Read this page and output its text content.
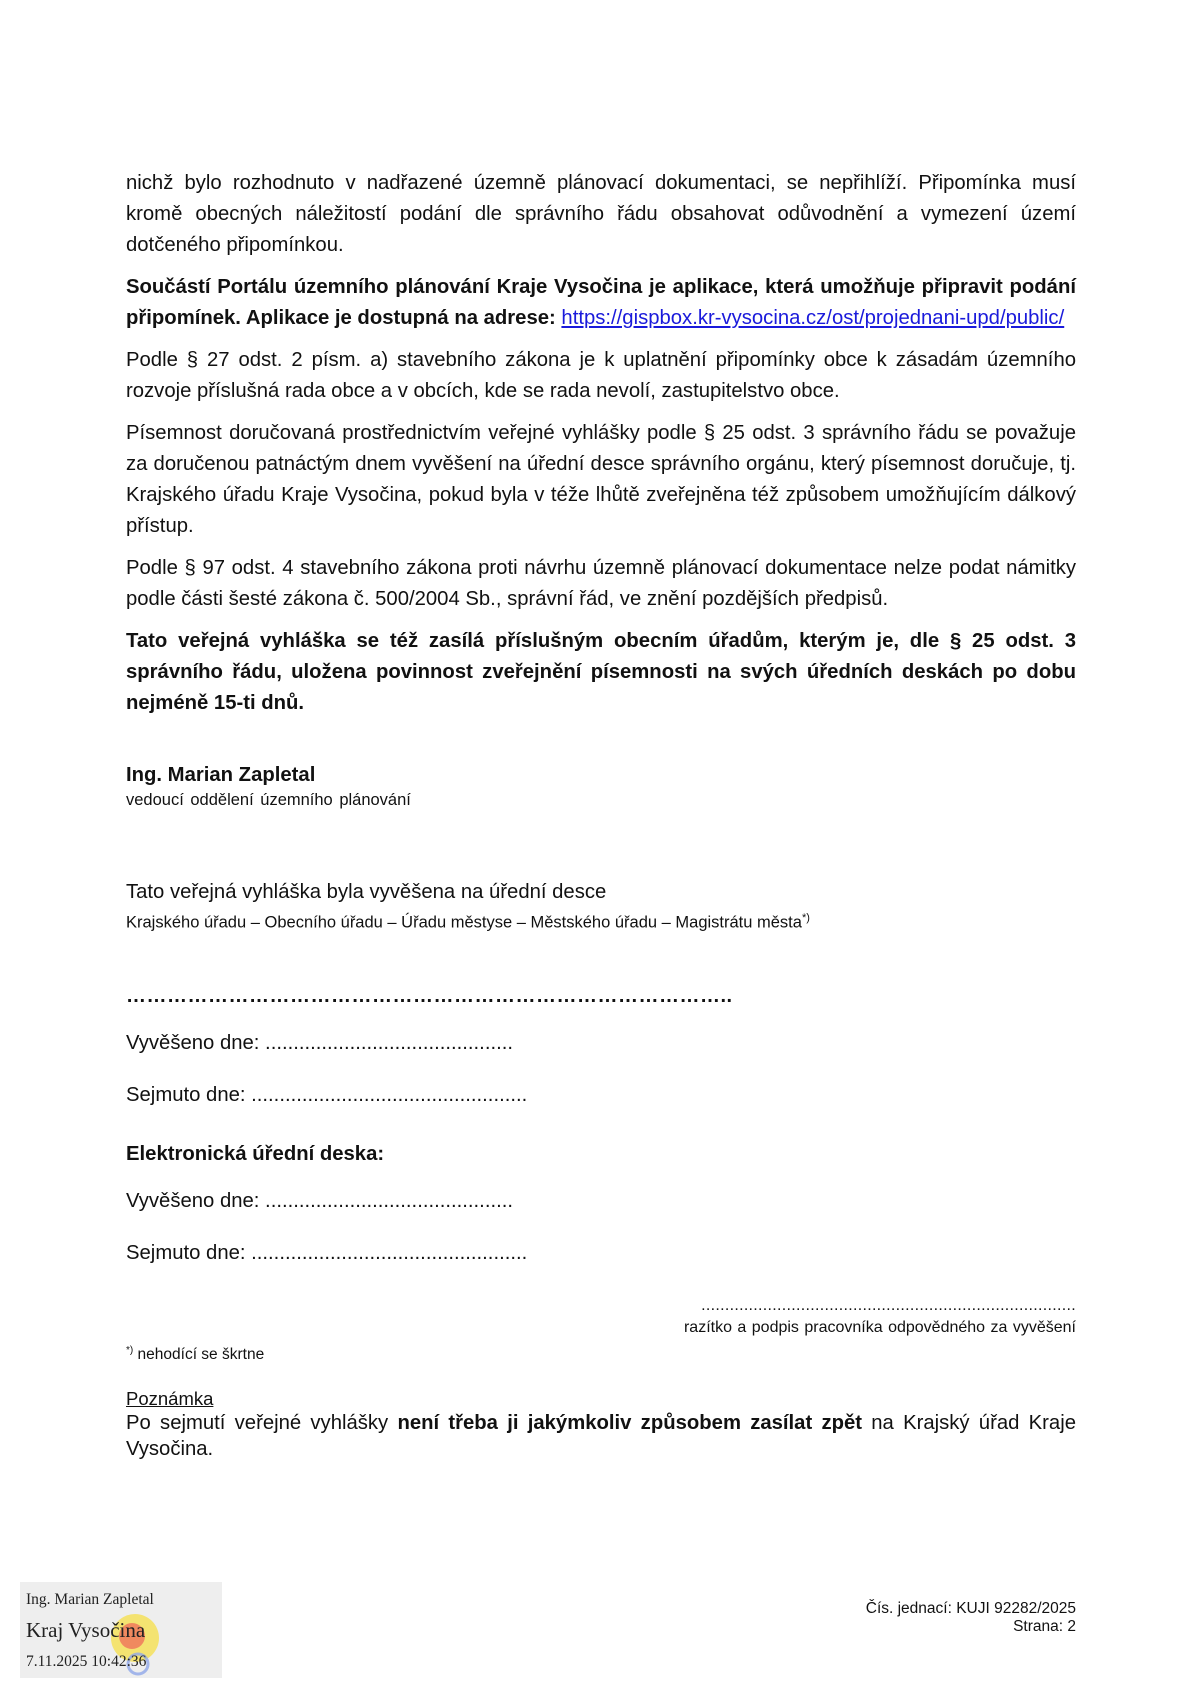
nichž bylo rozhodnuto v nadřazené územně plánovací dokumentaci, se nepřihlíží. Připomínka musí kromě obecných náležitostí podání dle správního řádu obsahovat odůvodnění a vymezení území dotčeného připomínkou.

Součástí Portálu územního plánování Kraje Vysočina je aplikace, která umožňuje připravit podání připomínek. Aplikace je dostupná na adrese: https://gispbox.kr-vysocina.cz/ost/projednani-upd/public/

Podle § 27 odst. 2 písm. a) stavebního zákona je k uplatnění připomínky obce k zásadám územního rozvoje příslušná rada obce a v obcích, kde se rada nevolí, zastupitelstvo obce.

Písemnost doručovaná prostřednictvím veřejné vyhlášky podle § 25 odst. 3 správního řádu se považuje za doručenou patnáctým dnem vyvěšení na úřední desce správního orgánu, který písemnost doručuje, tj. Krajského úřadu Kraje Vysočina, pokud byla v téže lhůtě zveřejněna též způsobem umožňujícím dálkový přístup.

Podle § 97 odst. 4 stavebního zákona proti návrhu územně plánovací dokumentace nelze podat námitky podle části šesté zákona č. 500/2004 Sb., správní řád, ve znění pozdějších předpisů.

Tato veřejná vyhláška se též zasílá příslušným obecním úřadům, kterým je, dle § 25 odst. 3 správního řádu, uložena povinnost zveřejnění písemnosti na svých úředních deskách po dobu nejméně 15-ti dnů.

Ing. Marian Zapletal
vedoucí oddělení územního plánování
Tato veřejná vyhláška byla vyvěšena na úřední desce
Krajského úřadu – Obecního úřadu – Úřadu městyse – Městského úřadu – Magistrátu města*)
……………………………………………………………………………..
Vyvěšeno dne: ............................................
Sejmuto dne: .................................................
Elektronická úřední deska:
Vyvěšeno dne: ............................................
Sejmuto dne: .................................................
...............................................................................
razítko a podpis pracovníka odpovědného za vyvěšení
*) nehodící se škrtne
Poznámka
Po sejmutí veřejné vyhlášky není třeba ji jakýmkoliv způsobem zasílat zpět na Krajský úřad Kraje Vysočina.
Ing. Marian Zapletal
Kraj Vysočina
7.11.2025 10:42:36
Čís. jednací: KUJI 92282/2025
Strana: 2
